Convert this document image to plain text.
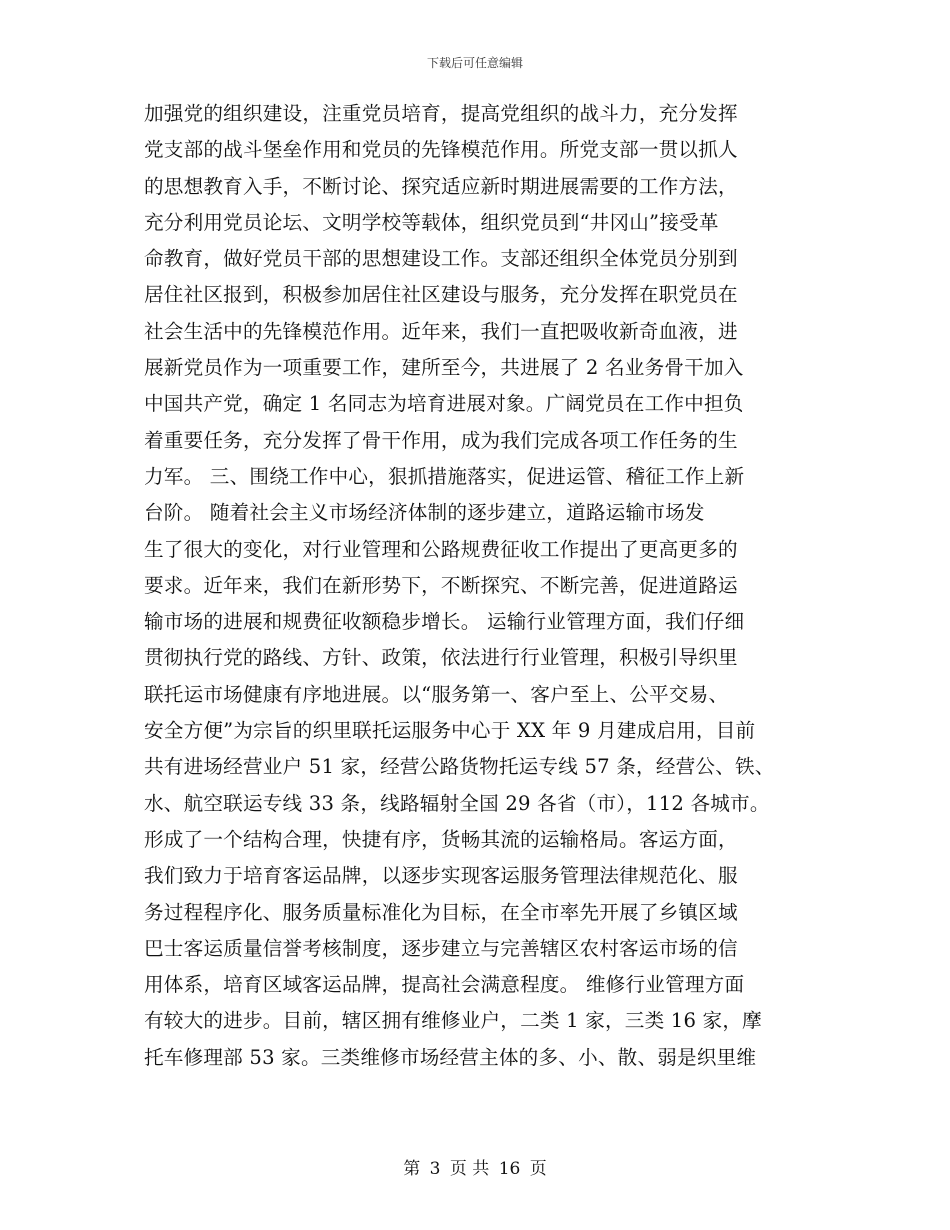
下载后可任意编辑
加强党的组织建设，注重党员培育，提高党组织的战斗力，充分发挥
党支部的战斗堡垒作用和党员的先锋模范作用。所党支部一贯以抓人
的思想教育入手，不断讨论、探究适应新时期进展需要的工作方法，
充分利用党员论坛、文明学校等载体，组织党员到“井冈山”接受革
命教育，做好党员干部的思想建设工作。支部还组织全体党员分别到
居住社区报到，积极参加居住社区建设与服务，充分发挥在职党员在
社会生活中的先锋模范作用。近年来，我们一直把吸收新奇血液，进
展新党员作为一项重要工作，建所至今，共进展了 2 名业务骨干加入
中国共产党，确定 1 名同志为培育进展对象。广阔党员在工作中担负
着重要任务，充分发挥了骨干作用，成为我们完成各项工作任务的生
力军。 三、围绕工作中心，狠抓措施落实，促进运管、稽征工作上新
台阶。 随着社会主义市场经济体制的逐步建立，道路运输市场发
生了很大的变化，对行业管理和公路规费征收工作提出了更高更多的
要求。近年来，我们在新形势下，不断探究、不断完善，促进道路运
输市场的进展和规费征收额稳步增长。 运输行业管理方面，我们仔细
贯彻执行党的路线、方针、政策，依法进行行业管理，积极引导织里
联托运市场健康有序地进展。以“服务第一、客户至上、公平交易、
安全方便”为宗旨的织里联托运服务中心于 XX 年 9 月建成启用，目前
共有进场经营业户 51 家，经营公路货物托运专线 57 条，经营公、铁、
水、航空联运专线 33 条，线路辐射全国 29 各省（市），112 各城市。
形成了一个结构合理，快捷有序，货畅其流的运输格局。客运方面，
我们致力于培育客运品牌，以逐步实现客运服务管理法律规范化、服
务过程程序化、服务质量标准化为目标，在全市率先开展了乡镇区域
巴士客运质量信誉考核制度，逐步建立与完善辖区农村客运市场的信
用体系，培育区域客运品牌，提高社会满意程度。 维修行业管理方面
有较大的进步。目前，辖区拥有维修业户，二类 1 家，三类 16 家，摩
托车修理部 53 家。三类维修市场经营主体的多、小、散、弱是织里维
第 3 页 共 16 页
